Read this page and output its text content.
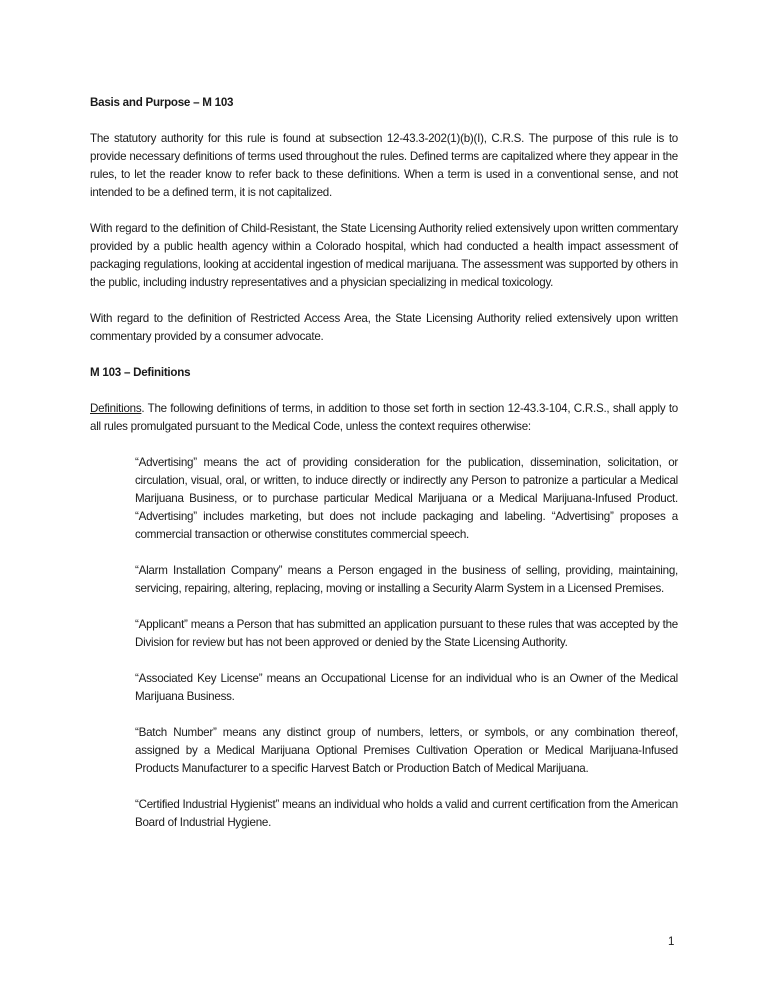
Basis and Purpose – M 103

The statutory authority for this rule is found at subsection 12-43.3-202(1)(b)(I), C.R.S. The purpose of this rule is to provide necessary definitions of terms used throughout the rules. Defined terms are capitalized where they appear in the rules, to let the reader know to refer back to these definitions. When a term is used in a conventional sense, and not intended to be a defined term, it is not capitalized.

With regard to the definition of Child-Resistant, the State Licensing Authority relied extensively upon written commentary provided by a public health agency within a Colorado hospital, which had conducted a health impact assessment of packaging regulations, looking at accidental ingestion of medical marijuana. The assessment was supported by others in the public, including industry representatives and a physician specializing in medical toxicology.

With regard to the definition of Restricted Access Area, the State Licensing Authority relied extensively upon written commentary provided by a consumer advocate.

M 103 – Definitions

Definitions. The following definitions of terms, in addition to those set forth in section 12-43.3-104, C.R.S., shall apply to all rules promulgated pursuant to the Medical Code, unless the context requires otherwise:

“Advertising” means the act of providing consideration for the publication, dissemination, solicitation, or circulation, visual, oral, or written, to induce directly or indirectly any Person to patronize a particular a Medical Marijuana Business, or to purchase particular Medical Marijuana or a Medical Marijuana-Infused Product. “Advertising” includes marketing, but does not include packaging and labeling. “Advertising” proposes a commercial transaction or otherwise constitutes commercial speech.
“Alarm Installation Company” means a Person engaged in the business of selling, providing, maintaining, servicing, repairing, altering, replacing, moving or installing a Security Alarm System in a Licensed Premises.
“Applicant” means a Person that has submitted an application pursuant to these rules that was accepted by the Division for review but has not been approved or denied by the State Licensing Authority.
“Associated Key License” means an Occupational License for an individual who is an Owner of the Medical Marijuana Business.
“Batch Number” means any distinct group of numbers, letters, or symbols, or any combination thereof, assigned by a Medical Marijuana Optional Premises Cultivation Operation or Medical Marijuana-Infused Products Manufacturer to a specific Harvest Batch or Production Batch of Medical Marijuana.
“Certified Industrial Hygienist” means an individual who holds a valid and current certification from the American Board of Industrial Hygiene.
1
